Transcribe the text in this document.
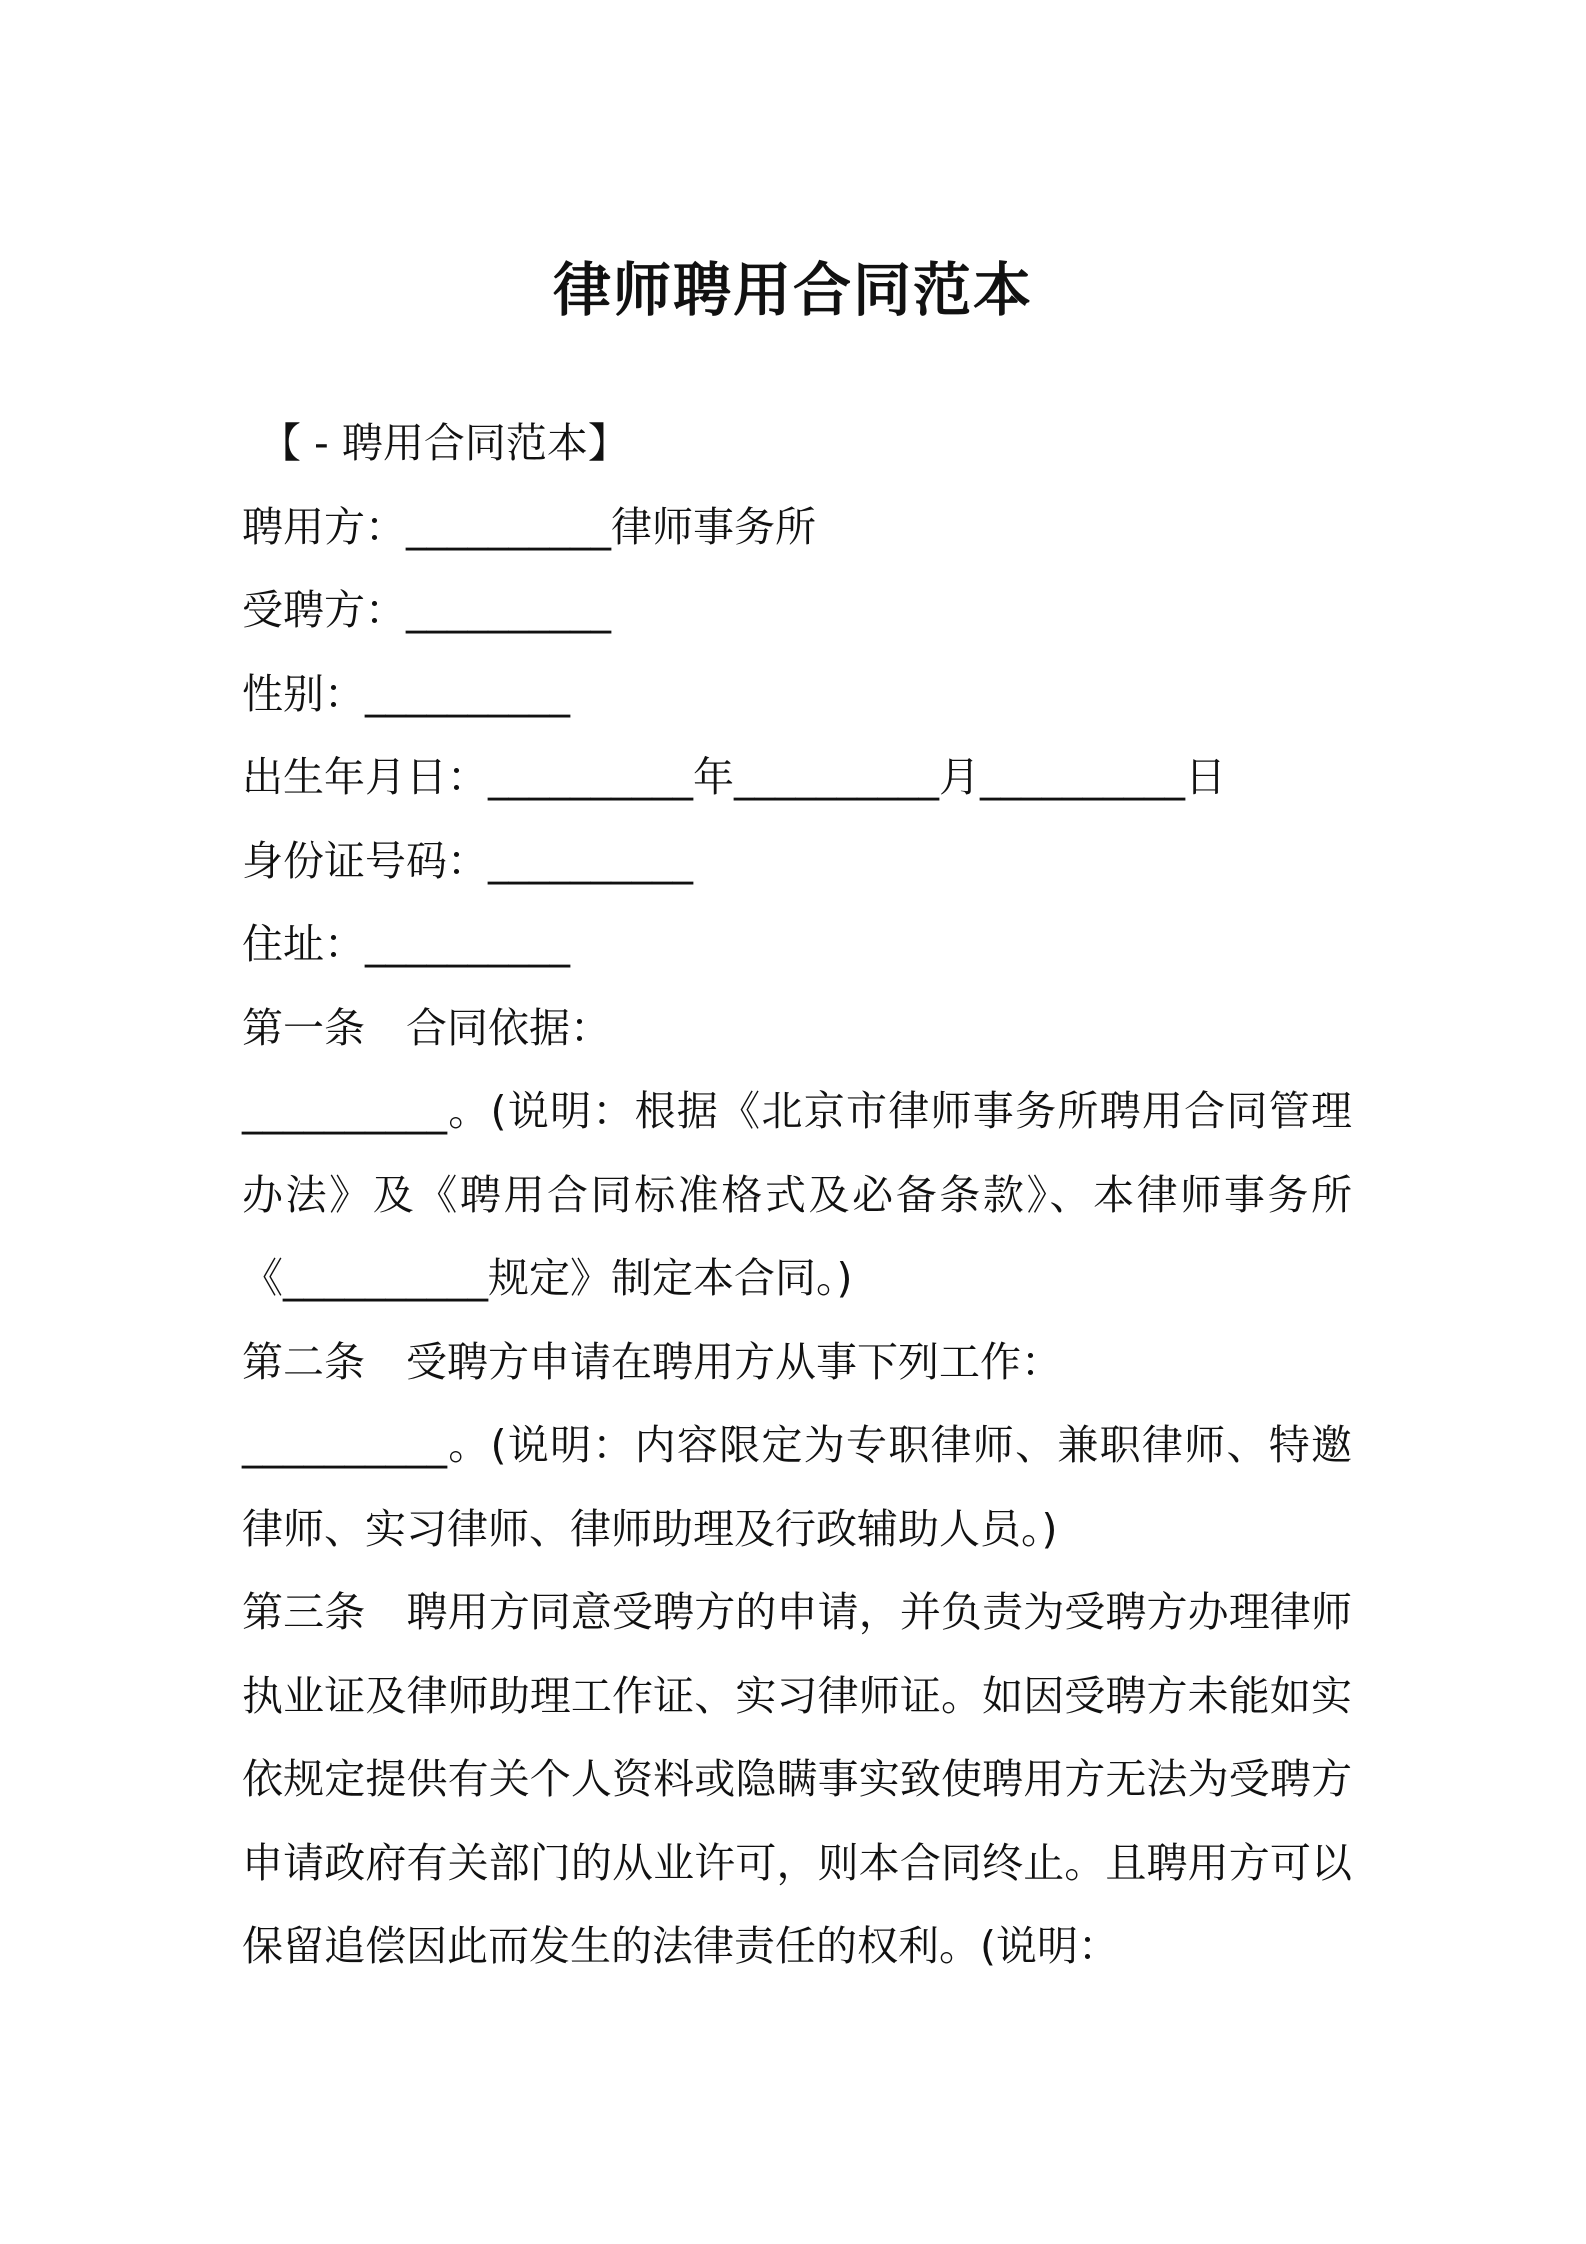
律师聘用合同范本
【 - 聘用合同范本】
聘用方：__________律师事务所
受聘方：__________
性别：__________
出生年月日：__________年__________月__________日
身份证号码：__________
住址：__________
第一条　合同依据：
__________。(说明：根据《北京市律师事务所聘用合同管理办法》及《聘用合同标准格式及必备条款》、本律师事务所《__________规定》制定本合同。)
第二条　受聘方申请在聘用方从事下列工作：
__________。(说明：内容限定为专职律师、兼职律师、特邀律师、实习律师、律师助理及行政辅助人员。)
第三条　聘用方同意受聘方的申请，并负责为受聘方办理律师执业证及律师助理工作证、实习律师证。如因受聘方未能如实依规定提供有关个人资料或隐瞒事实致使聘用方无法为受聘方申请政府有关部门的从业许可，则本合同终止。且聘用方可以保留追偿因此而发生的法律责任的权利。(说明：
